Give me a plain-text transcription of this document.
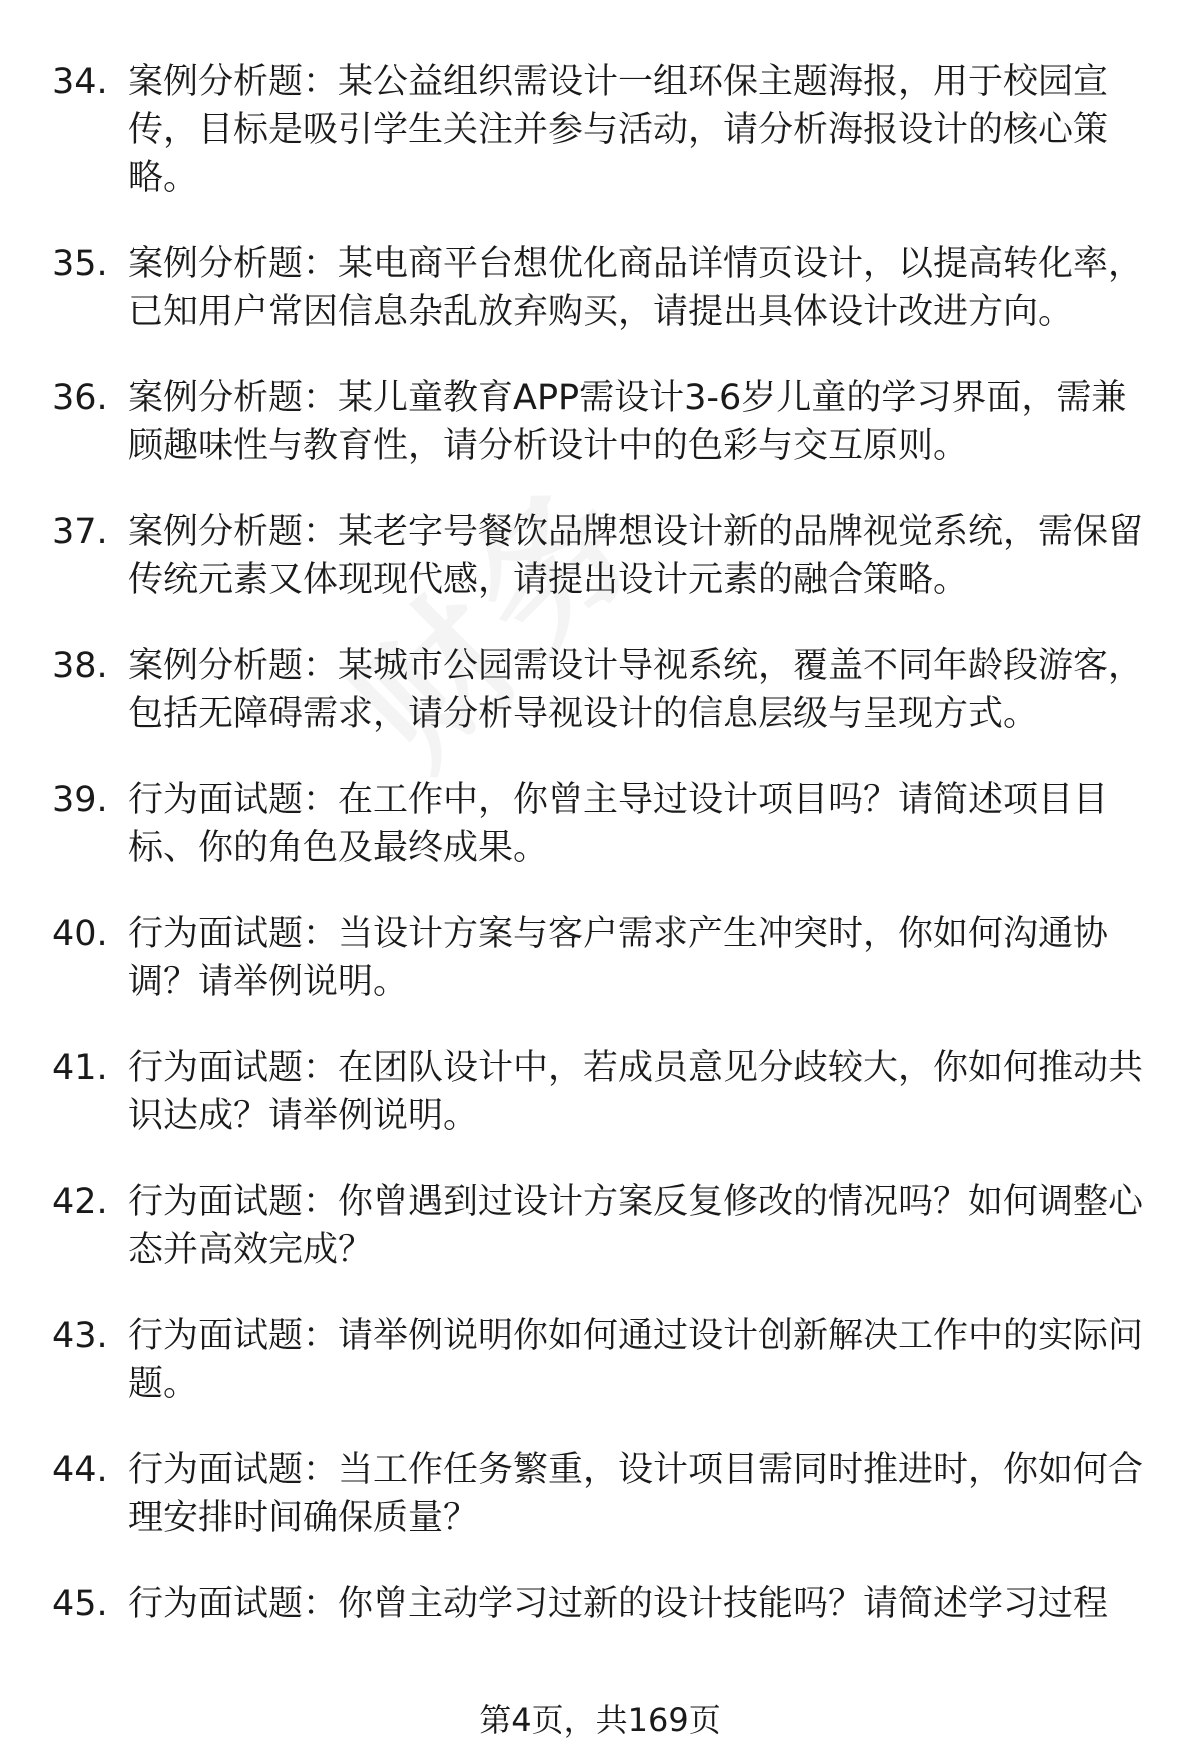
34. 案例分析题：某公益组织需设计一组环保主题海报，用于校园宣传，目标是吸引学生关注并参与活动，请分析海报设计的核心策略。
35. 案例分析题：某电商平台想优化商品详情页设计，以提高转化率，已知用户常因信息杂乱放弃购买，请提出具体设计改进方向。
36. 案例分析题：某儿童教育APP需设计3-6岁儿童的学习界面，需兼顾趣味性与教育性，请分析设计中的色彩与交互原则。
37. 案例分析题：某老字号餐饮品牌想设计新的品牌视觉系统，需保留传统元素又体现现代感，请提出设计元素的融合策略。
38. 案例分析题：某城市公园需设计导视系统，覆盖不同年龄段游客，包括无障碍需求，请分析导视设计的信息层级与呈现方式。
39. 行为面试题：在工作中，你曾主导过设计项目吗？请简述项目目标、你的角色及最终成果。
40. 行为面试题：当设计方案与客户需求产生冲突时，你如何沟通协调？请举例说明。
41. 行为面试题：在团队设计中，若成员意见分歧较大，你如何推动共识达成？请举例说明。
42. 行为面试题：你曾遇到过设计方案反复修改的情况吗？如何调整心态并高效完成？
43. 行为面试题：请举例说明你如何通过设计创新解决工作中的实际问题。
44. 行为面试题：当工作任务繁重，设计项目需同时推进时，你如何合理安排时间确保质量？
45. 行为面试题：你曾主动学习过新的设计技能吗？请简述学习过程
第4页，共169页
